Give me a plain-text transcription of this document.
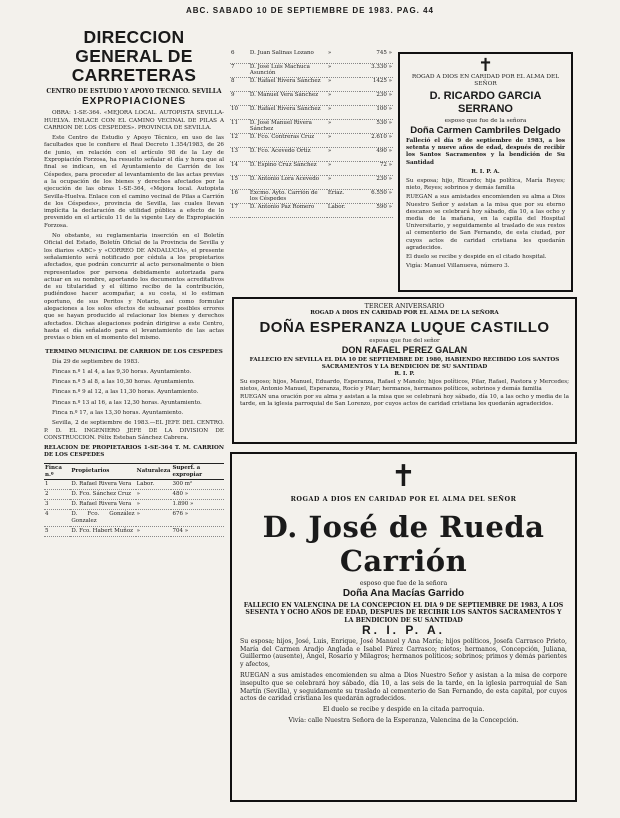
ABC. SABADO 10 DE SEPTIEMBRE DE 1983. PAG. 44
DIRECCION GENERAL DE CARRETERAS
CENTRO DE ESTUDIO Y APOYO TECNICO. SEVILLA
EXPROPIACIONES

OBRA: 1-SE-364. «MEJORA LOCAL. AUTOPISTA SEVILLA-HUELVA. ENLACE CON EL CAMINO VECINAL DE PILAS A CARRION DE LOS CESPEDES». PROVINCIA DE SEVILLA.

Este Centro de Estudio y Apoyo Técnico, en uso de las facultades que le confiere el Real Decreto 1.354/1983, de 26 de junio, en relación con el artículo 98 de la Ley de Expropiación Forzosa, ha resuelto señalar el día y hora que al final se indican, en el Ayuntamiento de Carrión de los Céspedes, para proceder al levantamiento de las actas previas a la ocupación de los bienes y derechos afectados por la ejecución de las obras 1-SE-364, «Mejora local. Autopista Sevilla-Huelva. Enlace con el camino vecinal de Pilas a Carrión de los Céspedes», provincia de Sevilla, las cuales llevan implícita la declaración de utilidad pública a efecto de lo prevenido en el artículo 11 de la vigente Ley de Expropiación Forzosa.

No obstante, su reglamentaria inserción en el Boletín Oficial del Estado, Boletín Oficial de la Provincia de Sevilla y los diarios «ABC» y «CORREO DE ANDALUCIA», el presente señalamiento será notificado por cédula a los propietarios afectados, que podrán concurrir al acto personalmente o bien representados por persona debidamente autorizada para actuar en su nombre, aportando los documentos acreditativos de su titularidad y el último recibo de la contribución, pudiéndose hacer acompañar, a su costa, si lo estiman oportuno, de sus Peritos y Notario, así como formular alegaciones a los solos efectos de subsanar posibles errores que se hayan producido al relacionar los bienes y derechos afectados. Dichas alegaciones podrán dirigirse a este Centro, hasta el día señalado para el levantamiento de las actas previas o bien en el momento del mismo.

TERMINO MUNICIPAL DE CARRION DE LOS CESPEDES

Día 29 de septiembre de 1983.

Fincas n.º 1 al 4, a las 9,30 horas. Ayuntamiento.

Fincas n.º 5 al 8, a las 10,30 horas. Ayuntamiento.

Fincas n.º 9 al 12, a las 11,30 horas. Ayuntamiento.

Fincas n.º 13 al 16, a las 12,30 horas. Ayuntamiento.

Finca n.º 17, a las 13,30 horas. Ayuntamiento.

Sevilla, 2 de septiembre de 1983.—EL JEFE DEL CENTRO. P. D. EL INGENIERO JEFE DE LA DIVISION DE CONSTRUCCION. Félix Esteban Sánchez Cabrera.

RELACION DE PROPIETARIOS 1-SE-364 T. M. CARRION DE LOS CESPEDES
Finca n.º	Propietarios	Naturaleza	Superf. a expropiar
1	D. Rafael Rivera Vera	Labor.	300 m²
2	D. Fco. Sánchez Cruz	»	480 »
3	D. Rafael Rivera Vera	»	1.890 »
4	D. Fco. González Gonzalez	»	676 »
5	D. Fco. Habert Muñoz	»	704 »
6	D. Juan Salinas Lozano	»	745 »
7	D. José Luis Machuca Asunción	»	3.330 »
8	D. Rafael Rivera Sánchez	»	1425 »
9	D. Manuel Vera Sánchez	»	230 »
10	D. Rafael Rivera Sánchez	»	100 »
11	D. José Manuel Rivera Sánchez	»	530 »
12	D. Fco. Contreras Cruz	»	2.610 »
13	D. Fco. Acevedo Ortiz	»	490 »
14	D. Espino Cruz Sánchez	»	72 »
15	D. Antonio Lora Acevedo	»	230 »
16	Excmo. Ayto. Carrión de los Céspedes	Eriaz.	6.550 »
17	D. Antonio Paz Romero	Labor.	590 »
✝
ROGAD A DIOS EN CARIDAD POR EL ALMA DEL SEÑOR
D. RICARDO GARCIA SERRANO
esposo que fue de la señora
Doña Carmen Cambriles Delgado

Falleció el día 9 de septiembre de 1983, a los setenta y nueve años de edad, después de recibir los Santos Sacramentos y la bendición de Su Santidad

R. I. P. A.

Su esposa; hijo, Ricardo; hija política, María Reyes; nieto, Reyes; sobrinos y demás familia

RUEGAN a sus amistades encomienden su alma a Dios Nuestro Señor y asistan a la misa que por su eterno descanso se celebrará hoy sábado, día 10, a las ocho y media de la mañana, en la capilla del Hospital Universitario, y seguidamente al traslado de sus restos al cementerio de San Fernando, de esta ciudad, por cuyos actos de caridad cristiana les quedarán agradecidos.

El duelo se recibe y despide en el citado hospital.

Vigía: Manuel Villanueva, número 3.

TERCER ANIVERSARIO
ROGAD A DIOS EN CARIDAD POR EL ALMA DE LA SEÑORA
DOÑA ESPERANZA LUQUE CASTILLO
esposa que fue del señor
DON RAFAEL PEREZ GALAN
FALLECIO EN SEVILLA EL DIA 10 DE SEPTIEMBRE DE 1980, HABIENDO RECIBIDO LOS SANTOS SACRAMENTOS Y LA BENDICION DE SU SANTIDAD
R. I. P.

Su esposo; hijos, Manuel, Eduardo, Esperanza, Rafael y Manolo; hijos políticos, Pilar, Rafael, Pastora y Mercedes; nietos, Antonio Manuel, Esperanza, Rocío y Pilar; hermanos, hermanos políticos, sobrinos y demás familia

RUEGAN una oración por su alma y asistan a la misa que se celebrará hoy sábado, día 10, a las ocho y media de la tarde, en la iglesia parroquial de San Lorenzo, por cuyos actos de caridad cristiana les quedarán agradecidos.

✝
ROGAD A DIOS EN CARIDAD POR EL ALMA DEL SEÑOR
D. José de Rueda Carrión
esposo que fue de la señora
Doña Ana Macías Garrido
FALLECIO EN VALENCINA DE LA CONCEPCION EL DIA 9 DE SEPTIEMBRE DE 1983, A LOS SESENTA Y OCHO AÑOS DE EDAD, DESPUES DE RECIBIR LOS SANTOS SACRAMENTOS Y LA BENDICION DE SU SANTIDAD
R. I. P. A.

Su esposa; hijos, José, Luis, Enrique, José Manuel y Ana María; hijos políticos, Josefa Carrasco Prieto, María del Carmen Aradjo Anglada e Isabel Párez Carrasco; nietos; hermanos, Concepción, Juliana, Guillermo (ausente), Ángel, Rosario y Milagros; hermanos políticos; sobrinos; primos y demás parientes y afectos,

RUEGAN a sus amistades encomienden su alma a Dios Nuestro Señor y asistan a la misa de corpore insepulto que se celebrará hoy sábado, día 10, a las seis de la tarde, en la iglesia parroquial de San Martín (Sevilla), y seguidamente su traslado al cementerio de San Fernando, de esta capital, por cuyos actos de caridad cristiana les quedarán agradecidos.

El duelo se recibe y despide en la citada parroquia.

Vivía: calle Nuestra Señora de la Esperanza, Valencina de la Concepción.
